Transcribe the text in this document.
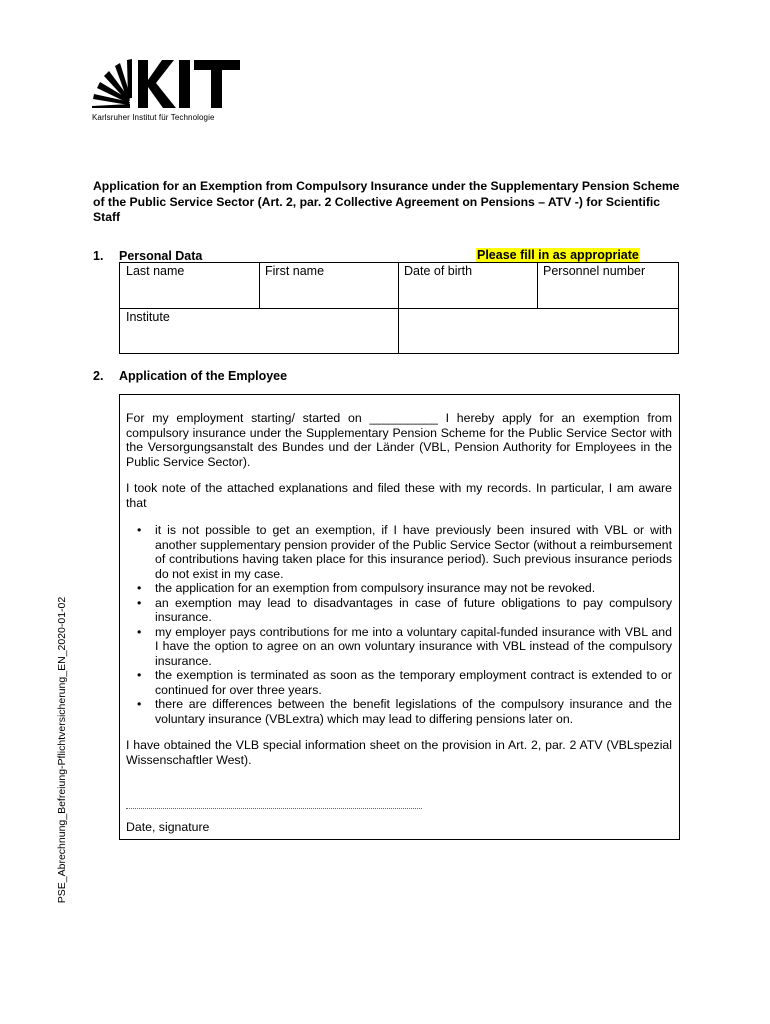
Karlsruher Institut für Technologie
Application for an Exemption from Compulsory Insurance under the Supplementary Pension Scheme of the Public Service Sector (Art. 2, par. 2 Collective Agreement on Pensions – ATV -) for Scientific Staff
1. Personal Data	Please fill in as appropriate
Last name	First name	Date of birth	Personnel number
Institute
2. Application of the Employee
For my employment starting/ started on __________ I hereby apply for an exemption from compulsory insurance under the Supplementary Pension Scheme for the Public Service Sector with the Versorgungsanstalt des Bundes und der Länder (VBL, Pension Authority for Employees in the Public Service Sector).
I took note of the attached explanations and filed these with my records. In particular, I am aware that
• it is not possible to get an exemption, if I have previously been insured with VBL or with another supplementary pension provider of the Public Service Sector (without a reimbursement of contributions having taken place for this insurance period). Such previous insurance periods do not exist in my case.
• the application for an exemption from compulsory insurance may not be revoked.
• an exemption may lead to disadvantages in case of future obligations to pay compulsory insurance.
• my employer pays contributions for me into a voluntary capital-funded insurance with VBL and I have the option to agree on an own voluntary insurance with VBL instead of the compulsory insurance.
• the exemption is terminated as soon as the temporary employment contract is extended to or continued for over three years.
• there are differences between the benefit legislations of the compulsory insurance and the voluntary insurance (VBLextra) which may lead to differing pensions later on.
I have obtained the VLB special information sheet on the provision in Art. 2, par. 2 ATV (VBLspezial Wissenschaftler West).
Date, signature
PSE_Abrechnung_Befreiung-Pflichtversicherung_EN_2020-01-02
